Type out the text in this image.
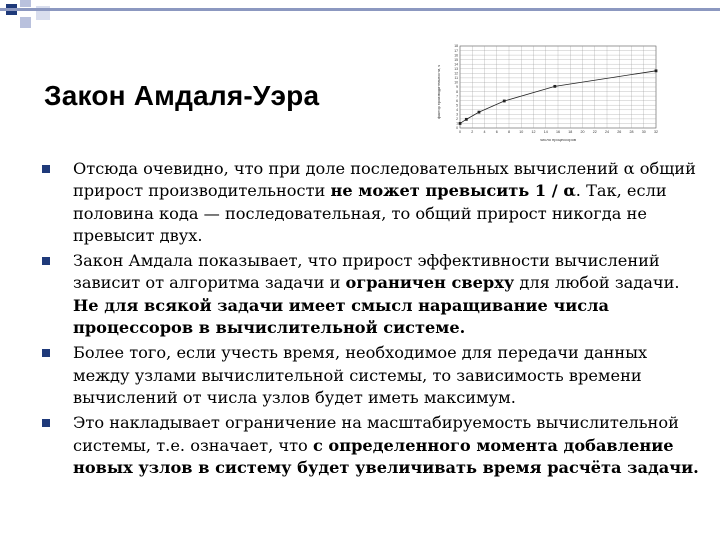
Закон Амдаля-Уэра	фактор производительности, s
0
1
2
3
4
5
6
7
8
9
10
11
12
13
14
15
16
17
18
0	2	4	6	8	10 12 14 16 18 20 22 24 26 28 30 32
число процессоров
Отсюда очевидно, что при доле последовательных вычислений α общий прирост производительности не может превысить 1 / α. Так, если половина кода — последовательная, то общий прирост никогда не превысит двух.
Закон Амдала показывает, что прирост эффективности вычислений зависит от алгоритма задачи и ограничен сверху для любой задачи. Не для всякой задачи имеет смысл наращивание числа процессоров в вычислительной системе.
Более того, если учесть время, необходимое для передачи данных между узлами вычислительной системы, то зависимость времени вычислений от числа узлов будет иметь максимум.
Это накладывает ограничение на масштабируемость вычислительной системы, т.е. означает, что с определенного момента добавление новых узлов в систему будет увеличивать время расчёта задачи.
